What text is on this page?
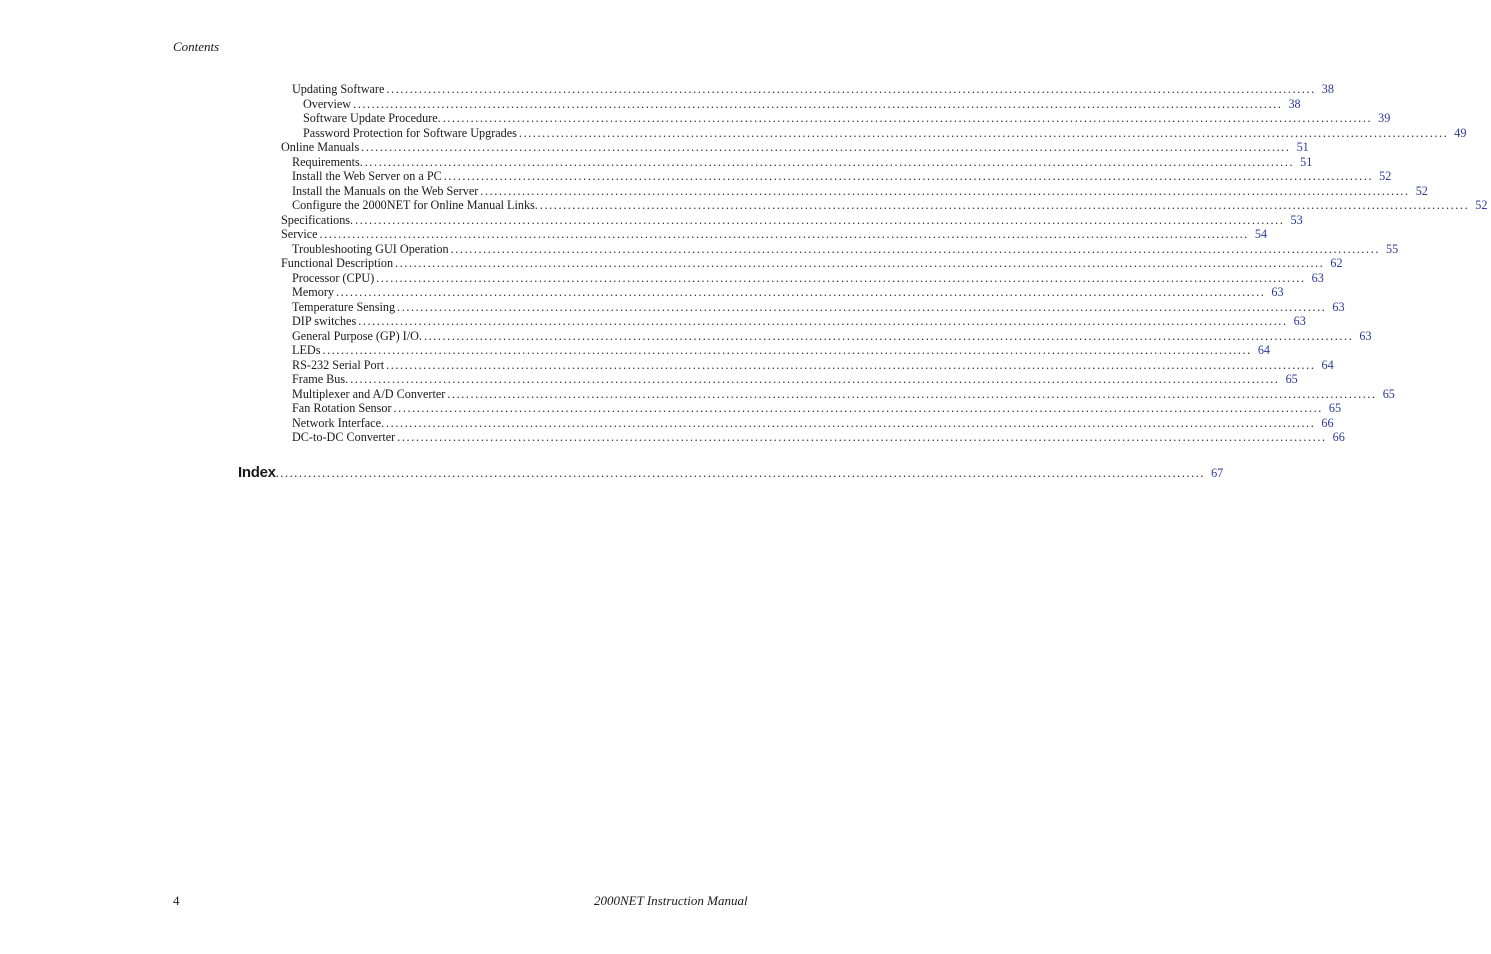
Contents
Updating Software ........................................................................................................................................................................................................ 38
Overview ........................................................................................................................................................................................................ 38
Software Update Procedure. ........................................................................................................................................................................................................ 39
Password Protection for Software Upgrades ........................................................................................................................................................................................................ 49
Online Manuals ........................................................................................................................................................................................................ 51
Requirements. ........................................................................................................................................................................................................ 51
Install the Web Server on a PC ........................................................................................................................................................................................................ 52
Install the Manuals on the Web Server ........................................................................................................................................................................................................ 52
Configure the 2000NET for Online Manual Links. ........................................................................................................................................................................................................ 52
Specifications. ........................................................................................................................................................................................................ 53
Service ........................................................................................................................................................................................................ 54
Troubleshooting GUI Operation ........................................................................................................................................................................................................ 55
Functional Description ........................................................................................................................................................................................................ 62
Processor (CPU) ........................................................................................................................................................................................................ 63
Memory ........................................................................................................................................................................................................ 63
Temperature Sensing ........................................................................................................................................................................................................ 63
DIP switches ........................................................................................................................................................................................................ 63
General Purpose (GP) I/O. ........................................................................................................................................................................................................ 63
LEDs ........................................................................................................................................................................................................ 64
RS-232 Serial Port ........................................................................................................................................................................................................ 64
Frame Bus. ........................................................................................................................................................................................................ 65
Multiplexer and A/D Converter ........................................................................................................................................................................................................ 65
Fan Rotation Sensor ........................................................................................................................................................................................................ 65
Network Interface. ........................................................................................................................................................................................................ 66
DC-to-DC Converter ........................................................................................................................................................................................................ 66
Index ........................................................................................................................................................................................................ 67
4	2000NET Instruction Manual
